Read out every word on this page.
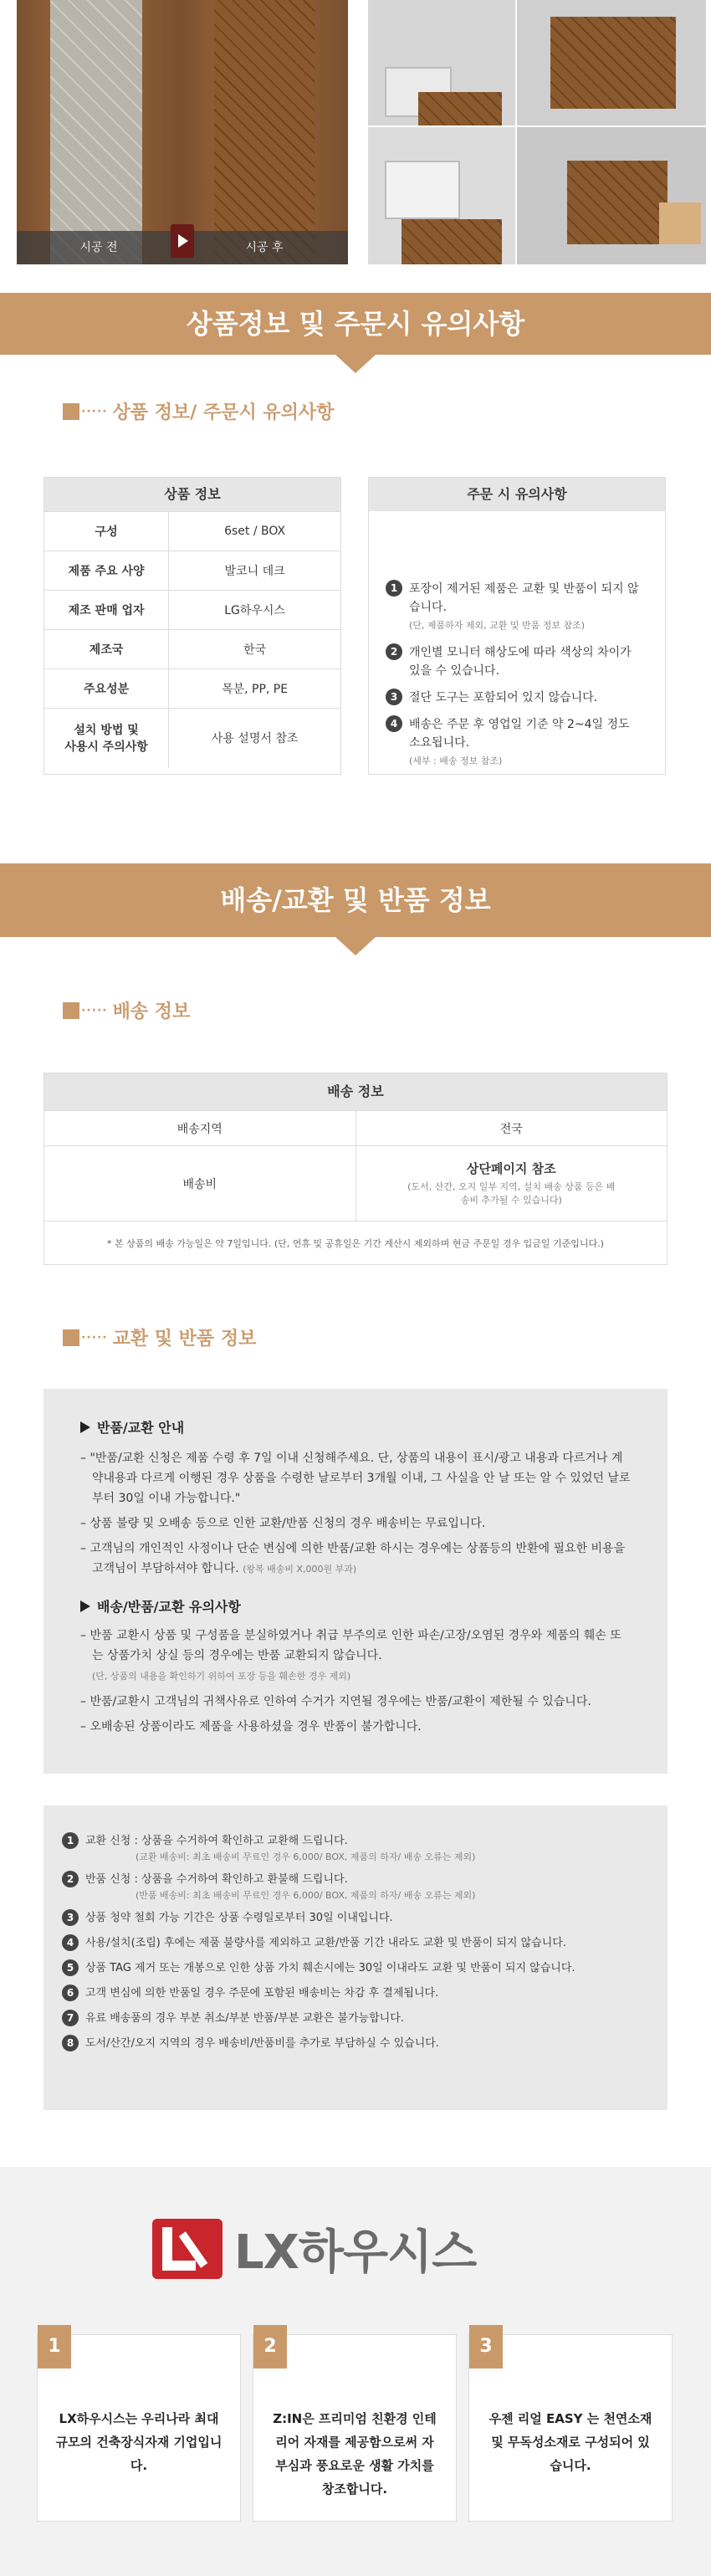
시공 전	시공 후
상품정보 및 주문시 유의사항
····· 상품 정보/ 주문시 유의사항
상품 정보
구성	6set / BOX
제품 주요 사양	발코니 데크
제조 판매 업자	LG하우시스
제조국	한국
주요성분	목분, PP, PE
설치 방법 및
사용시 주의사항	사용 설명서 참조
주문 시 유의사항
1 포장이 제거된 제품은 교환 및 반품이 되지 않습니다.
(단, 제품하자 제외, 교환 및 반품 정보 참조)
2 개인별 모니터 해상도에 따라 색상의 차이가 있을 수 있습니다.
3 절단 도구는 포함되어 있지 않습니다.
4 배송은 주문 후 영업일 기준 약 2~4일 정도 소요됩니다.
(세부 : 배송 정보 참조)
배송/교환 및 반품 정보
····· 배송 정보
배송 정보
배송지역	전국
배송비	상단페이지 참조
(도서, 산간, 오지 일부 지역, 설치 배송 상품 등은 배송비 추가될 수 있습니다)

* 본 상품의 배송 가능일은 약 7일입니다. (단, 연휴 및 공휴일은 기간 계산시 제외하며 현금 주문일 경우 입금일 기준입니다.)	
····· 교환 및 반품 정보
반품/교환 안내
– "반품/교환 신청은 제품 수령 후 7일 이내 신청해주세요. 단, 상품의 내용이 표시/광고 내용과 다르거나 계약내용과 다르게 이행된 경우 상품을 수령한 날로부터 3개월 이내, 그 사실을 안 날 또는 알 수 있었던 날로부터 30일 이내 가능합니다."
– 상품 불량 및 오배송 등으로 인한 교환/반품 신청의 경우 배송비는 무료입니다.
– 고객님의 개인적인 사정이나 단순 변심에 의한 반품/교환 하시는 경우에는 상품등의 반환에 필요한 비용을 고객님이 부담하셔야 합니다. (왕복 배송비 X,000원 부과)
배송/반품/교환 유의사항
– 반품 교환시 상품 및 구성품을 분실하였거나 취급 부주의로 인한 파손/고장/오염된 경우와 제품의 훼손 또는 상품가치 상실 등의 경우에는 반품 교환되지 않습니다.
(단, 상품의 내용을 확인하기 위하여 포장 등을 훼손한 경우 제외)
– 반품/교환시 고객님의 귀책사유로 인하여 수거가 지연될 경우에는 반품/교환이 제한될 수 있습니다.
– 오배송된 상품이라도 제품을 사용하셨을 경우 반품이 불가합니다.
1	교환 신청 : 상품을 수거하여 확인하고 교환해 드립니다.
(교환 배송비: 최초 배송비 무료인 경우 6,000/ BOX, 제품의 하자/ 배송 오류는 제외)
2	반품 신청 : 상품을 수거하여 확인하고 환불해 드립니다.
(반품 배송비: 최초 배송비 무료인 경우 6,000/ BOX, 제품의 하자/ 배송 오류는 제외)
3	상품 청약 철회 가능 기간은 상품 수령일로부터 30일 이내입니다.
4	사용/설치(조립) 후에는 제품 불량사를 제외하고 교환/반품 기간 내라도 교환 및 반품이 되지 않습니다.
5	상품 TAG 제거 또는 개봉으로 인한 상품 가치 훼손시에는 30일 이내라도 교환 및 반품이 되지 않습니다.
6	고객 변심에 의한 반품일 경우 주문에 포함된 배송비는 차감 후 결제됩니다.
7	유료 배송품의 경우 부분 취소/부분 반품/부분 교환은 불가능합니다.
8	도서/산간/오지 지역의 경우 배송비/반품비를 추가로 부담하실 수 있습니다.
LX하우시스
1
LX하우시스는 우리나라 최대 규모의 건축장식자재 기업입니다.
2
Z:IN은 프리미엄 친환경 인테리어 자재를 제공함으로써 자부심과 풍요로운 생활 가치를 창조합니다.
3
우젠 리얼 EASY 는 천연소재 및 무독성소재로 구성되어 있습니다.
